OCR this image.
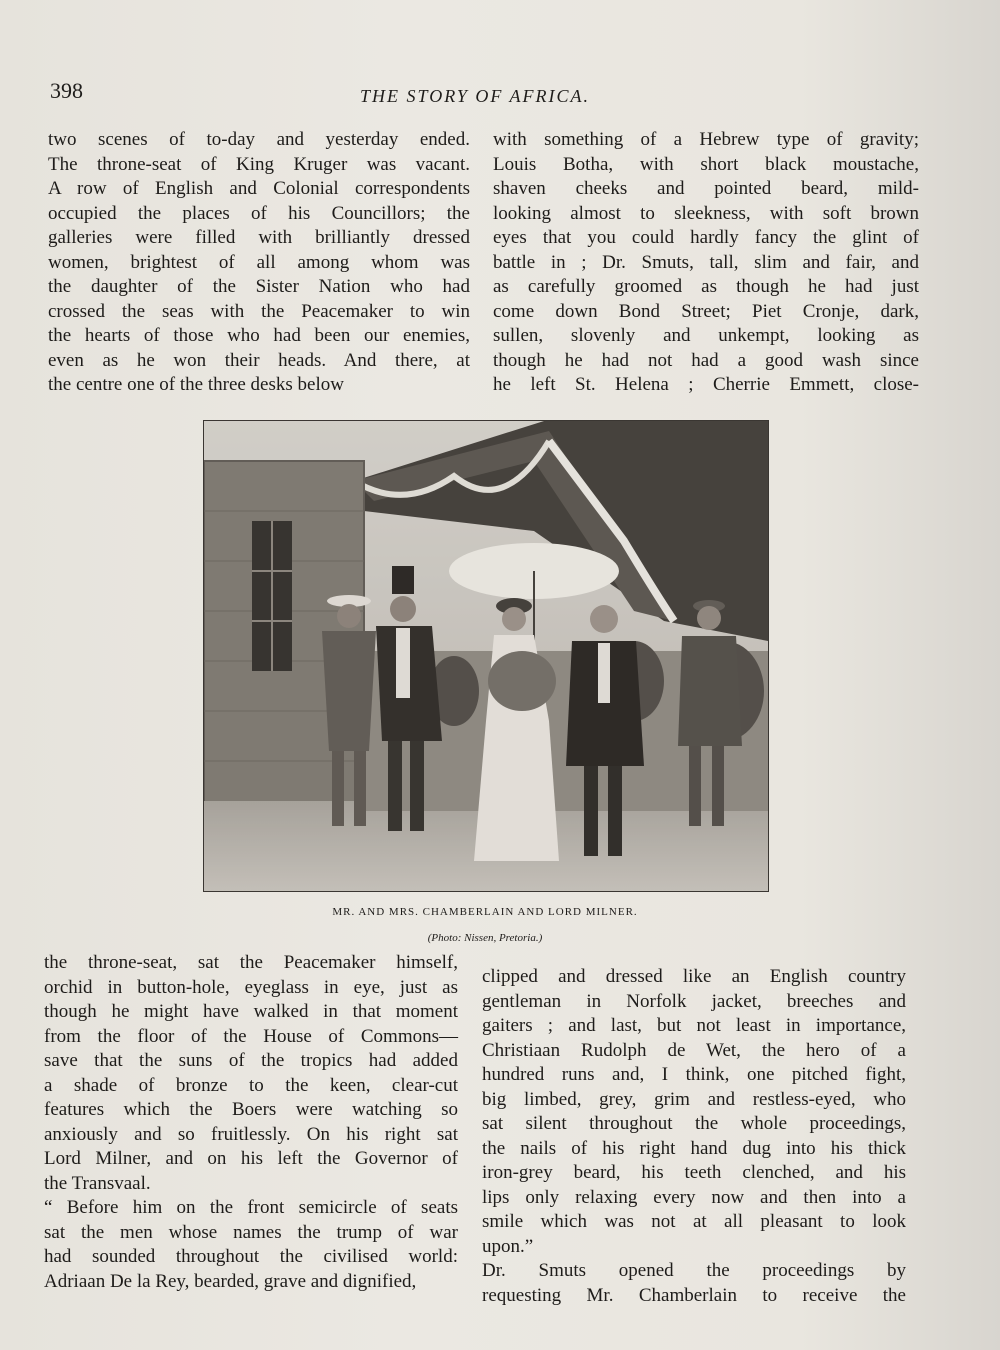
398	THE STORY OF AFRICA.
two scenes of to-day and yesterday ended.
The throne-seat of King Kruger was vacant.
A row of English and Colonial correspondents
occupied the places of his Councillors; the
galleries were filled with brilliantly dressed
women, brightest of all among whom was
the daughter of the Sister Nation who had
crossed the seas with the Peacemaker to win
the hearts of those who had been our enemies,
even as he won their heads. And there, at
the centre one of the three desks below
with something of a Hebrew type of gravity;
Louis Botha, with short black moustache,
shaven cheeks and pointed beard, mild-
looking almost to sleekness, with soft brown
eyes that you could hardly fancy the glint of
battle in ; Dr. Smuts, tall, slim and fair, and
as carefully groomed as though he had just
come down Bond Street; Piet Cronje, dark,
sullen, slovenly and unkempt, looking as
though he had not had a good wash since
he left St. Helena ; Cherrie Emmett, close-
MR. AND MRS. CHAMBERLAIN AND LORD MILNER.
(Photo: Nissen, Pretoria.)
the throne-seat, sat the Peacemaker himself,
orchid in button-hole, eyeglass in eye, just as
though he might have walked in that moment
from the floor of the House of Commons—
save that the suns of the tropics had added
a shade of bronze to the keen, clear-cut
features which the Boers were watching so
anxiously and so fruitlessly. On his right sat
Lord Milner, and on his left the Governor of
the Transvaal.
“ Before him on the front semicircle of seats
sat the men whose names the trump of war
had sounded throughout the civilised world:
Adriaan De la Rey, bearded, grave and dignified,
clipped and dressed like an English country
gentleman in Norfolk jacket, breeches and
gaiters ; and last, but not least in importance,
Christiaan Rudolph de Wet, the hero of a
hundred runs and, I think, one pitched fight,
big limbed, grey, grim and restless-eyed, who
sat silent throughout the whole proceedings,
the nails of his right hand dug into his thick
iron-grey beard, his teeth clenched, and his
lips only relaxing every now and then into a
smile which was not at all pleasant to look
upon.”
Dr. Smuts opened the proceedings by
requesting Mr. Chamberlain to receive the
